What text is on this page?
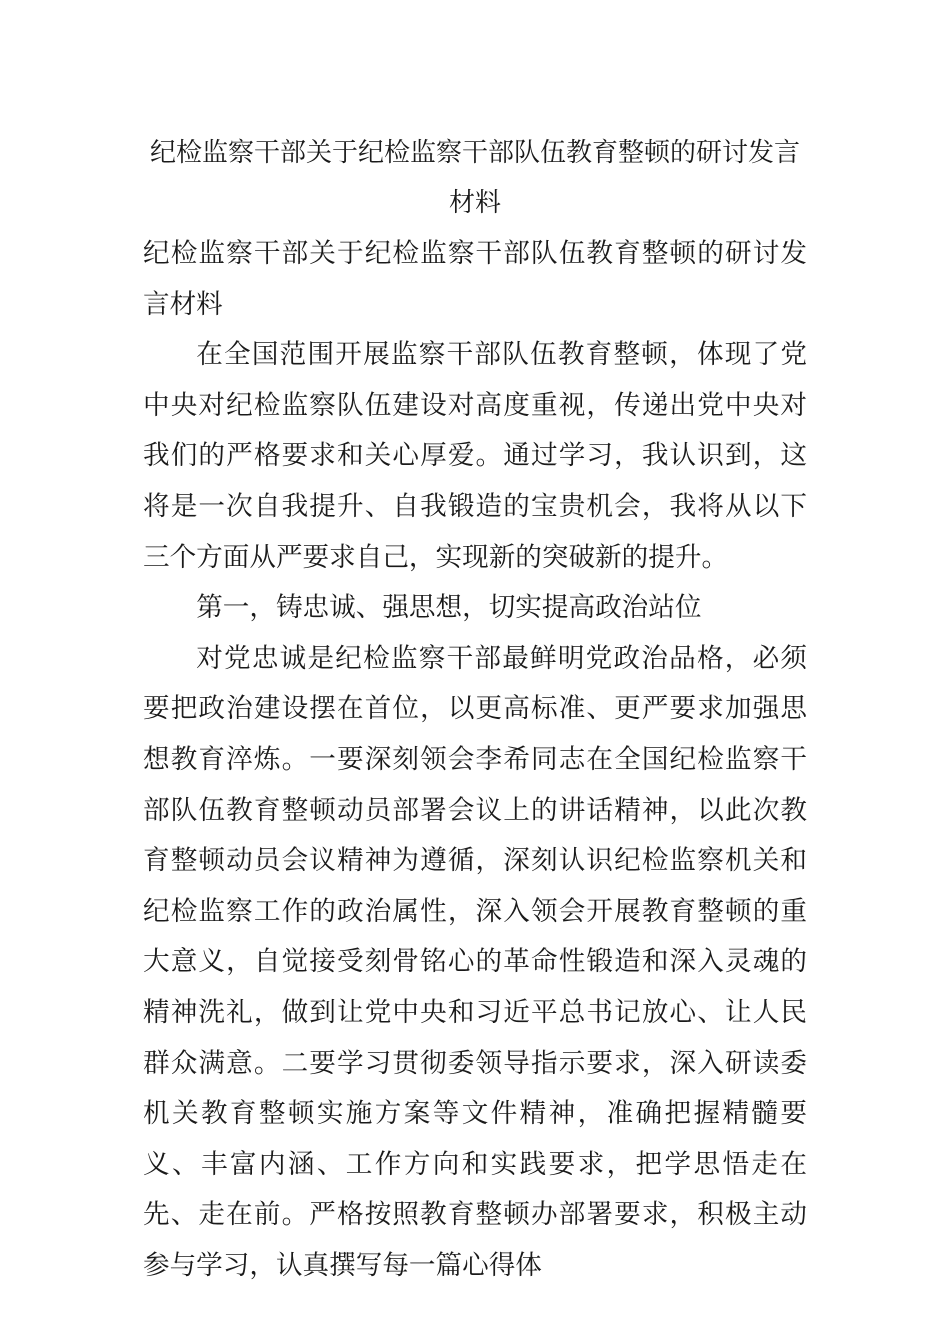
纪检监察干部关于纪检监察干部队伍教育整顿的研讨发言材料

纪检监察干部关于纪检监察干部队伍教育整顿的研讨发言材料

在全国范围开展监察干部队伍教育整顿，体现了党中央对纪检监察队伍建设对高度重视，传递出党中央对我们的严格要求和关心厚爱。通过学习，我认识到，这将是一次自我提升、自我锻造的宝贵机会，我将从以下三个方面从严要求自己，实现新的突破新的提升。

第一，铸忠诚、强思想，切实提高政治站位

对党忠诚是纪检监察干部最鲜明党政治品格，必须要把政治建设摆在首位，以更高标准、更严要求加强思想教育淬炼。一要深刻领会李希同志在全国纪检监察干部队伍教育整顿动员部署会议上的讲话精神，以此次教育整顿动员会议精神为遵循，深刻认识纪检监察机关和纪检监察工作的政治属性，深入领会开展教育整顿的重大意义，自觉接受刻骨铭心的革命性锻造和深入灵魂的精神洗礼，做到让党中央和习近平总书记放心、让人民群众满意。二要学习贯彻委领导指示要求，深入研读委机关教育整顿实施方案等文件精神，准确把握精髓要义、丰富内涵、工作方向和实践要求，把学思悟走在先、走在前。严格按照教育整顿办部署要求，积极主动参与学习，认真撰写每一篇心得体
